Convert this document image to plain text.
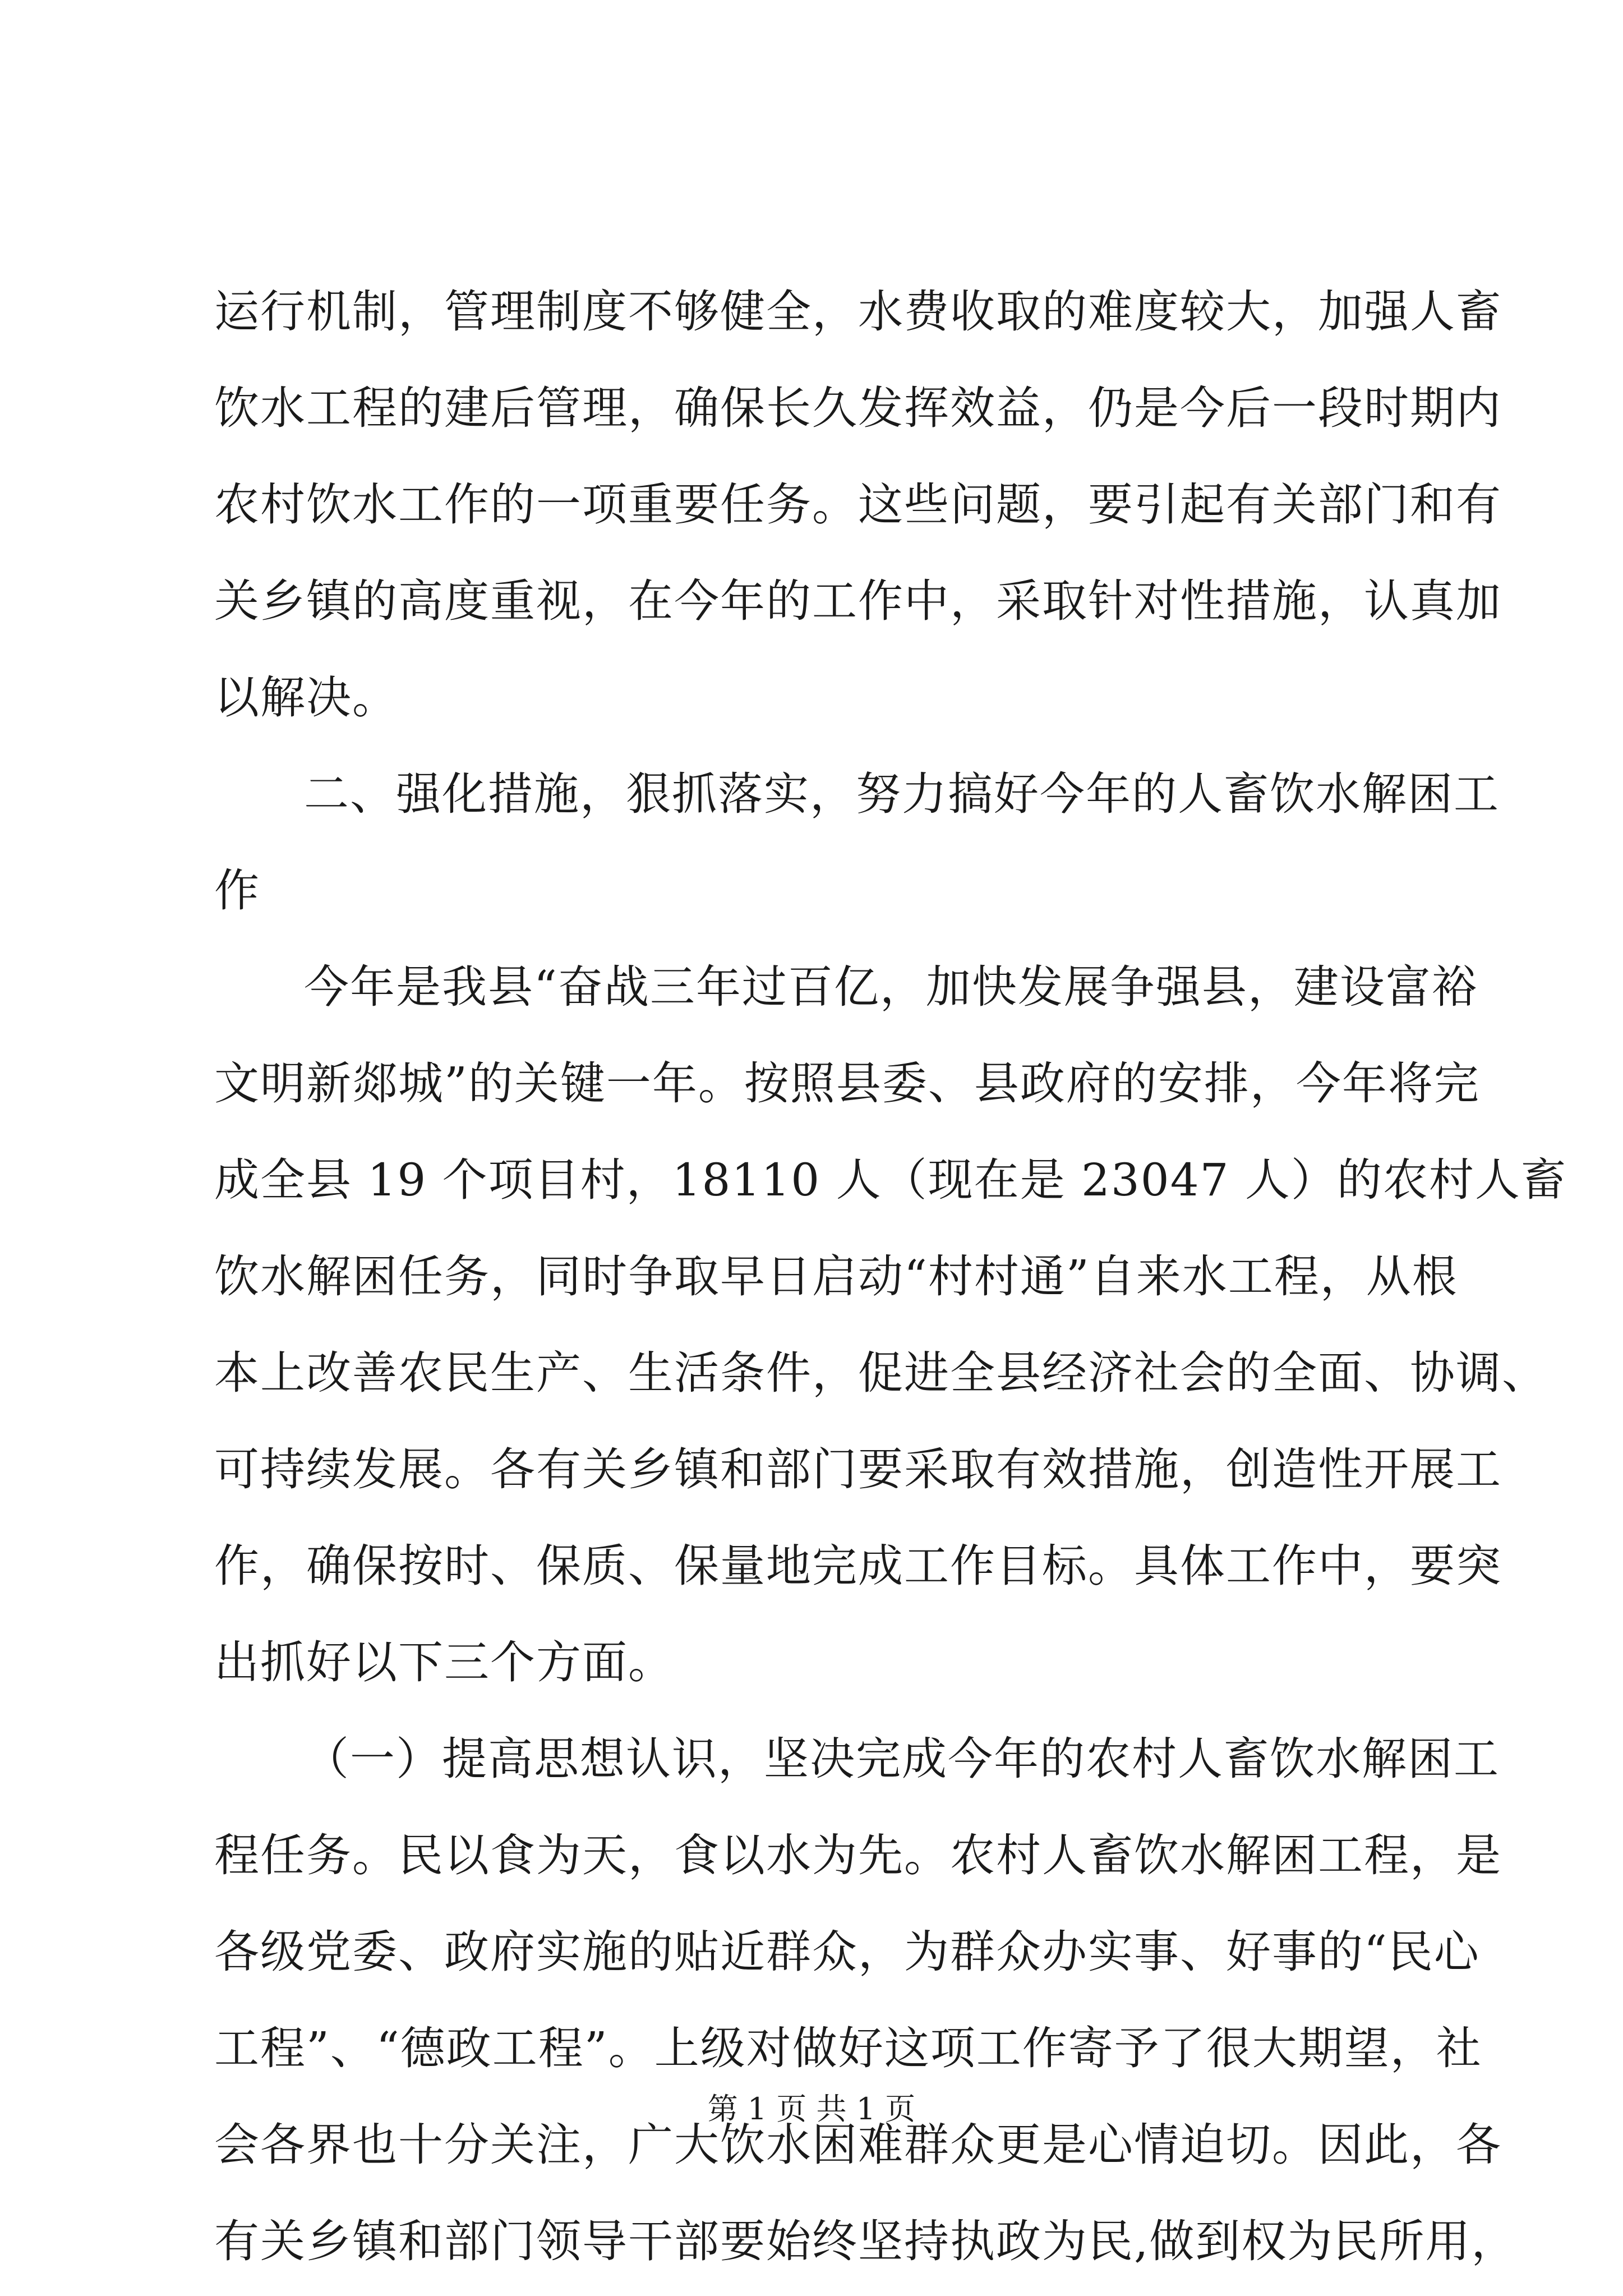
运行机制，管理制度不够健全，水费收取的难度较大，加强人畜
饮水工程的建后管理，确保长久发挥效益，仍是今后一段时期内
农村饮水工作的一项重要任务。这些问题，要引起有关部门和有
关乡镇的高度重视，在今年的工作中，采取针对性措施，认真加
以解决。
二、强化措施，狠抓落实，努力搞好今年的人畜饮水解困工
作
今年是我县“奋战三年过百亿，加快发展争强县，建设富裕
文明新郯城”的关键一年。按照县委、县政府的安排，今年将完
成全县 19 个项目村，18110 人（现在是 23047 人）的农村人畜
饮水解困任务，同时争取早日启动“村村通”自来水工程，从根
本上改善农民生产、生活条件，促进全县经济社会的全面、协调、
可持续发展。各有关乡镇和部门要采取有效措施，创造性开展工
作，确保按时、保质、保量地完成工作目标。具体工作中，要突
出抓好以下三个方面。
（一）提高思想认识，坚决完成今年的农村人畜饮水解困工
程任务。民以食为天，食以水为先。农村人畜饮水解困工程，是
各级党委、政府实施的贴近群众，为群众办实事、好事的“民心
工程”、“德政工程”。上级对做好这项工作寄予了很大期望，社
会各界也十分关注，广大饮水困难群众更是心情迫切。因此，各
有关乡镇和部门领导干部要始终坚持执政为民,做到权为民所用，
第 1 页 共 1 页
